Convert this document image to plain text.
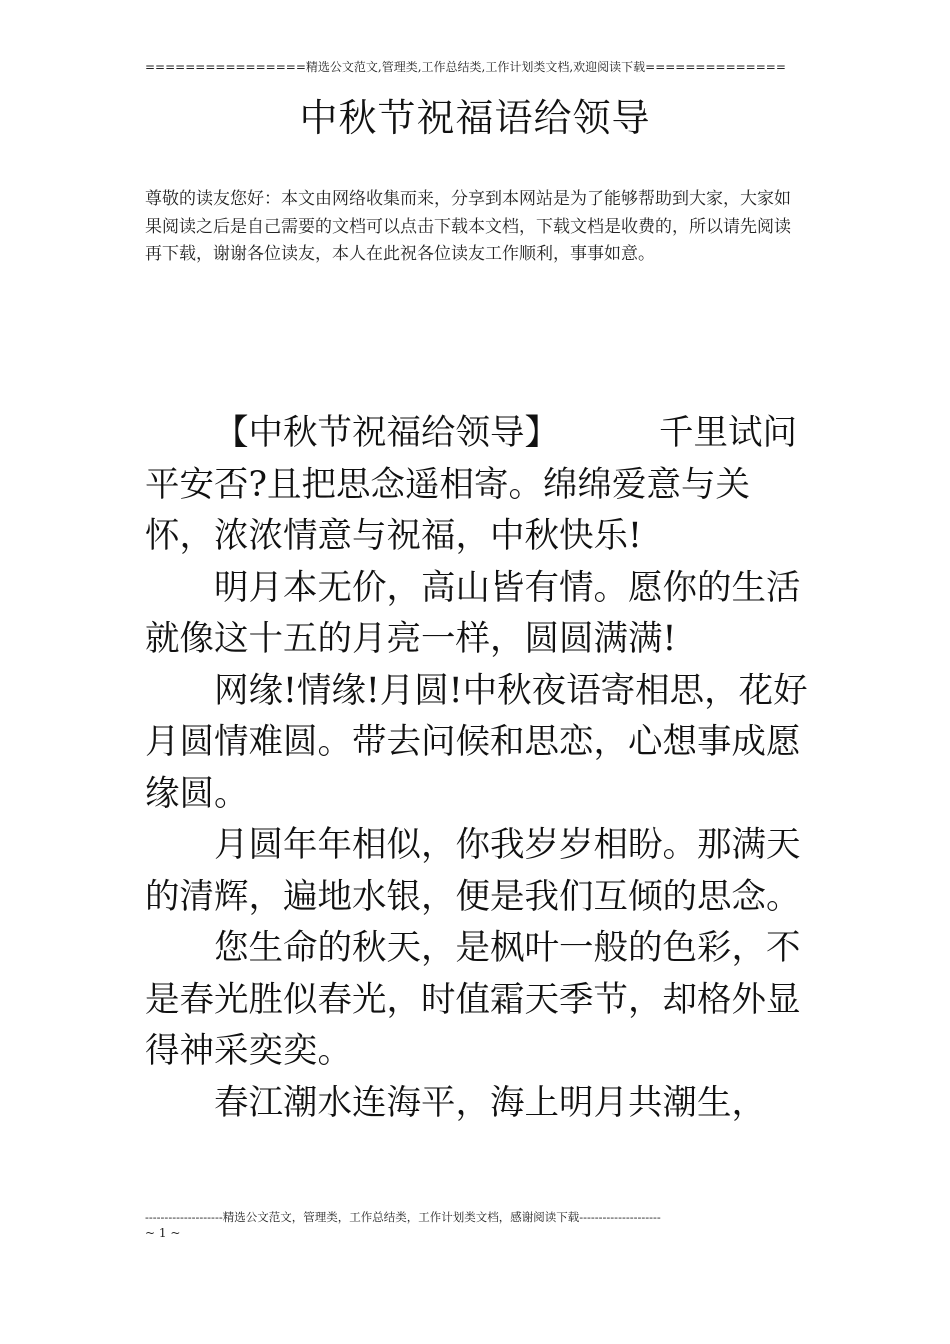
================精选公文范文,管理类,工作总结类,工作计划类文档,欢迎阅读下载==============
中秋节祝福语给领导
尊敬的读友您好：本文由网络收集而来，分享到本网站是为了能够帮助到大家，大家如果阅读之后是自己需要的文档可以点击下载本文档，下载文档是收费的，所以请先阅读再下载，谢谢各位读友，本人在此祝各位读友工作顺利，事事如意。

【中秋节祝福给领导】	千里试问平安否?且把思念遥相寄。绵绵爱意与关怀，浓浓情意与祝福，中秋快乐!

明月本无价，高山皆有情。愿你的生活就像这十五的月亮一样，圆圆满满!

网缘!情缘!月圆!中秋夜语寄相思，花好月圆情难圆。带去问候和思恋，心想事成愿缘圆。

月圆年年相似，你我岁岁相盼。那满天的清辉，遍地水银，便是我们互倾的思念。

您生命的秋天，是枫叶一般的色彩，不是春光胜似春光，时值霜天季节，却格外显得神采奕奕。

春江潮水连海平，海上明月共潮生，

--------------------精选公文范文，管理类，工作总结类，工作计划类文档，感谢阅读下载---------------------
~ 1 ~
